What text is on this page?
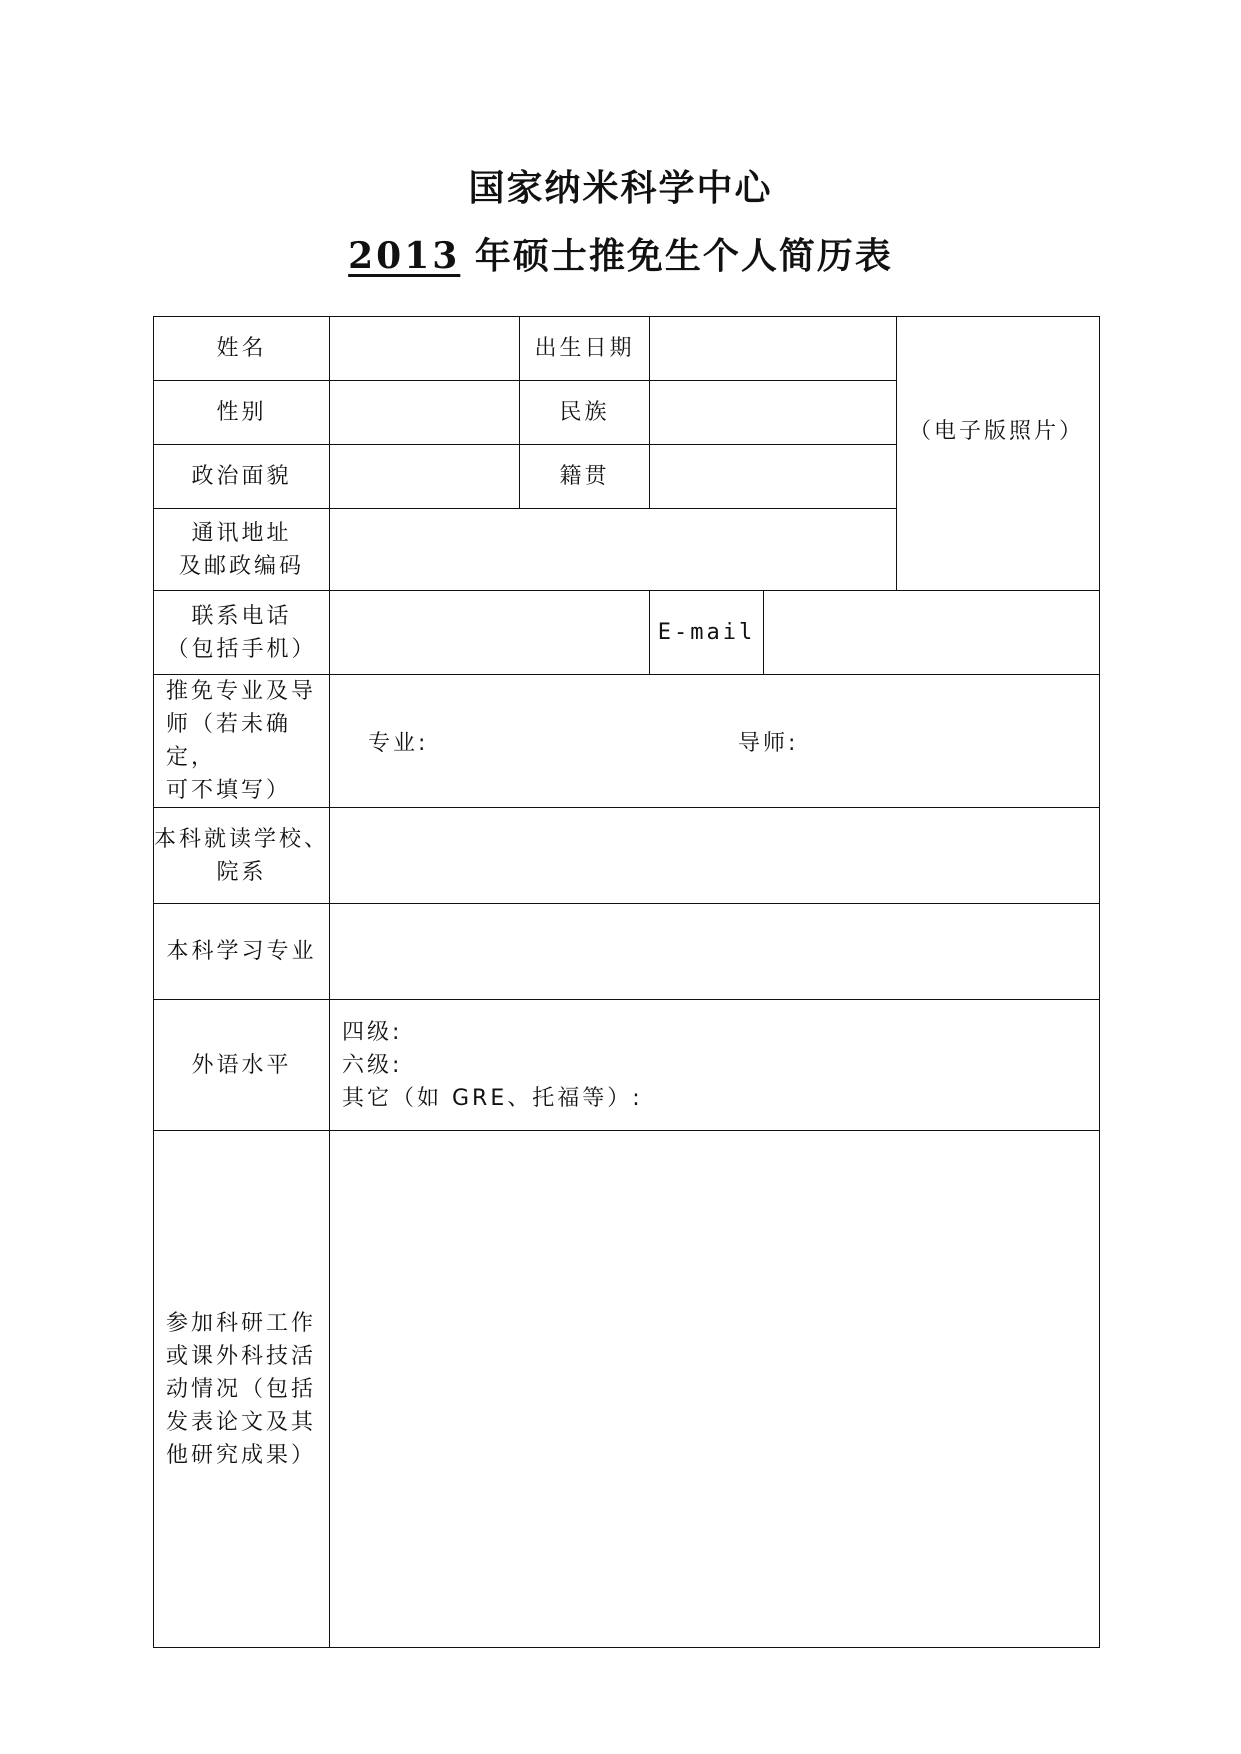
国家纳米科学中心
2013 年硕士推免生个人简历表
姓名		出生日期			（电子版照片）
性别		民族			
政治面貌		籍贯			

通讯地址
及邮政编码					

联系电话
（包括手机）			E-mail		

推免专业及导
师（若未确定，
可不填写）	专业: 导师:				

本科就读学校、
院系					

本科学习专业					
外语水平	四级:
六级:
其它（如 GRE、托福等）:				

参加科研工作
或课外科技活
动情况（包括
发表论文及其
他研究成果）					
